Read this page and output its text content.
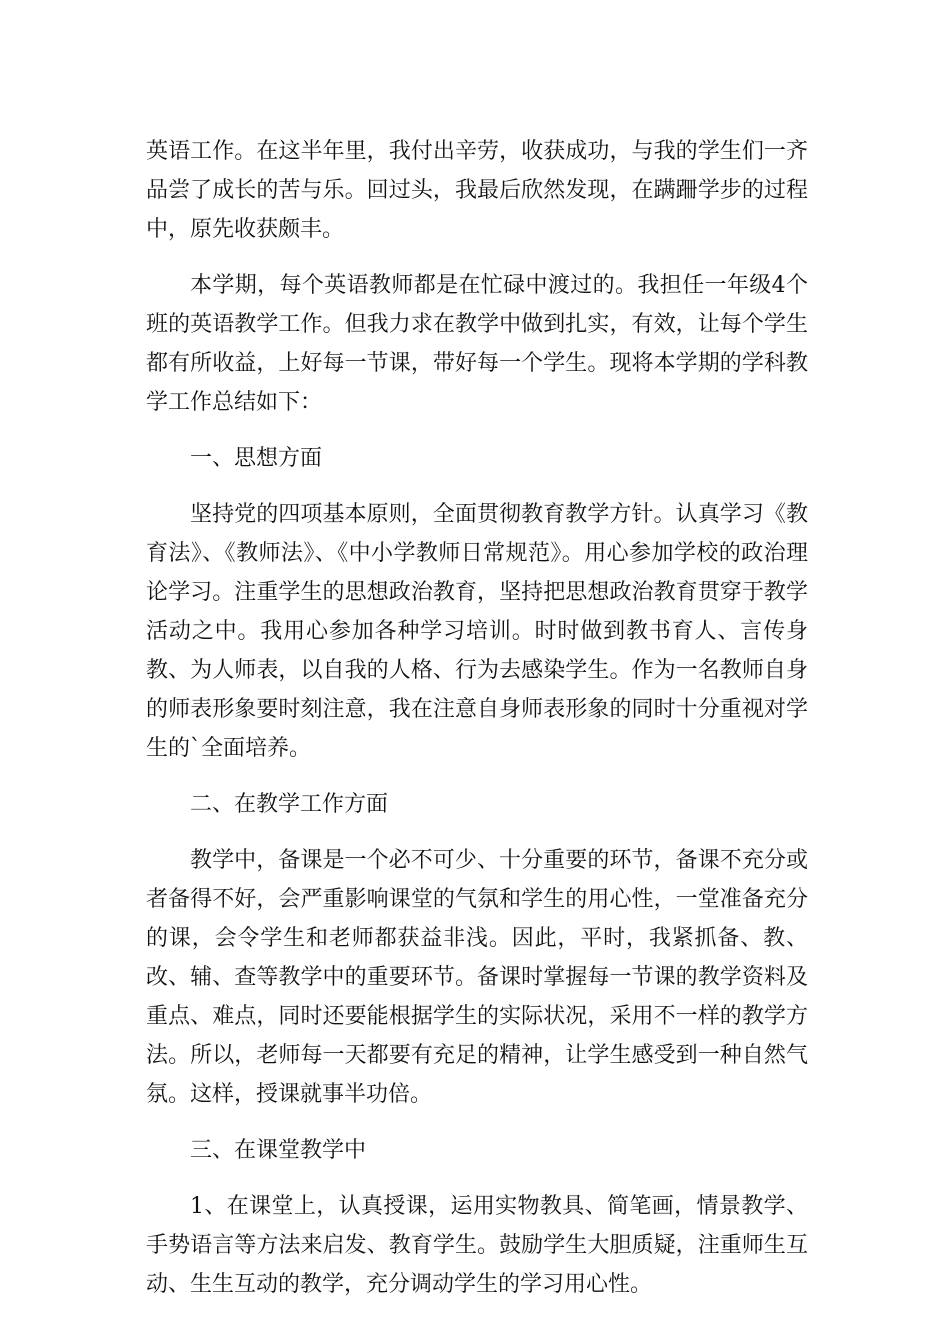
英语工作。在这半年里，我付出辛劳，收获成功，与我的学生们一齐品尝了成长的苦与乐。回过头，我最后欣然发现，在蹒跚学步的过程中，原先收获颇丰。

本学期，每个英语教师都是在忙碌中渡过的。我担任一年级4个班的英语教学工作。但我力求在教学中做到扎实，有效，让每个学生都有所收益，上好每一节课，带好每一个学生。现将本学期的学科教学工作总结如下：

一、思想方面

坚持党的四项基本原则，全面贯彻教育教学方针。认真学习《教育法》、《教师法》、《中小学教师日常规范》。用心参加学校的政治理论学习。注重学生的思想政治教育，坚持把思想政治教育贯穿于教学活动之中。我用心参加各种学习培训。时时做到教书育人、言传身教、为人师表，以自我的人格、行为去感染学生。作为一名教师自身的师表形象要时刻注意，我在注意自身师表形象的同时十分重视对学生的`全面培养。

二、在教学工作方面

教学中，备课是一个必不可少、十分重要的环节，备课不充分或者备得不好，会严重影响课堂的气氛和学生的用心性，一堂准备充分的课，会令学生和老师都获益非浅。因此，平时，我紧抓备、教、改、辅、查等教学中的重要环节。备课时掌握每一节课的教学资料及重点、难点，同时还要能根据学生的实际状况，采用不一样的教学方法。所以，老师每一天都要有充足的精神，让学生感受到一种自然气氛。这样，授课就事半功倍。

三、在课堂教学中

1、在课堂上，认真授课，运用实物教具、简笔画，情景教学、手势语言等方法来启发、教育学生。鼓励学生大胆质疑，注重师生互动、生生互动的教学，充分调动学生的学习用心性。
